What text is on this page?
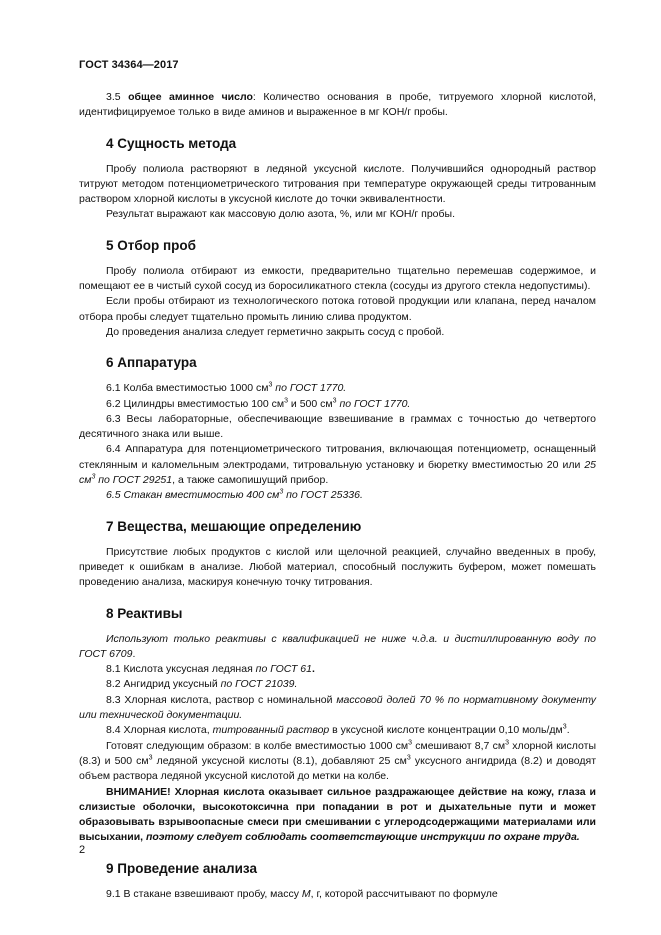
ГОСТ 34364—2017

3.5 общее аминное число: Количество основания в пробе, титруемого хлорной кислотой, идентифицируемое только в виде аминов и выраженное в мг КОН/г пробы.

4 Сущность метода

Пробу полиола растворяют в ледяной уксусной кислоте. Получившийся однородный раствор титруют методом потенциометрического титрования при температуре окружающей среды титрованным раствором хлорной кислоты в уксусной кислоте до точки эквивалентности.

Результат выражают как массовую долю азота, %, или мг КОН/г пробы.

5 Отбор проб

Пробу полиола отбирают из емкости, предварительно тщательно перемешав содержимое, и помещают ее в чистый сухой сосуд из боросиликатного стекла (сосуды из другого стекла недопустимы).

Если пробы отбирают из технологического потока готовой продукции или клапана, перед началом отбора пробы следует тщательно промыть линию слива продуктом.

До проведения анализа следует герметично закрыть сосуд с пробой.

6 Аппаратура

6.1 Колба вместимостью 1000 $см^3$ по ГОСТ 1770.

6.2 Цилиндры вместимостью 100 $см^3$ и 500 $см^3$ по ГОСТ 1770.

6.3 Весы лабораторные, обеспечивающие взвешивание в граммах с точностью до четвертого десятичного знака или выше.

6.4 Аппаратура для потенциометрического титрования, включающая потенциометр, оснащенный стеклянным и каломельным электродами, титровальную установку и бюретку вместимостью 20 или 25 $см^3$ по ГОСТ 29251, а также самопишущий прибор.

6.5 Стакан вместимостью 400 $см^3$ по ГОСТ 25336.

7 Вещества, мешающие определению

Присутствие любых продуктов с кислой или щелочной реакцией, случайно введенных в пробу, приведет к ошибкам в анализе. Любой материал, способный послужить буфером, может помешать проведению анализа, маскируя конечную точку титрования.

8 Реактивы

Используют только реактивы с квалификацией не ниже ч.д.а. и дистиллированную воду по ГОСТ 6709.

8.1 Кислота уксусная ледяная по ГОСТ 61.

8.2 Ангидрид уксусный по ГОСТ 21039.

8.3 Хлорная кислота, раствор с номинальной массовой долей 70 % по нормативному документу или технической документации.

8.4 Хлорная кислота, титрованный раствор в уксусной кислоте концентрации 0,10 моль/$дм^3$.

Готовят следующим образом: в колбе вместимостью 1000 $см^3$ смешивают 8,7 $см^3$ хлорной кислоты (8.3) и 500 $см^3$ ледяной уксусной кислоты (8.1), добавляют 25 $см^3$ уксусного ангидрида (8.2) и доводят объем раствора ледяной уксусной кислотой до метки на колбе.

ВНИМАНИЕ! Хлорная кислота оказывает сильное раздражающее действие на кожу, глаза и слизистые оболочки, высокотоксична при попадании в рот и дыхательные пути и может образовывать взрывоопасные смеси при смешивании с углеродсодержащими материалами или высыхании, поэтому следует соблюдать соответствующие инструкции по охране труда.

9 Проведение анализа

9.1 В стакане взвешивают пробу, массу М, г, которой рассчитывают по формуле

2
